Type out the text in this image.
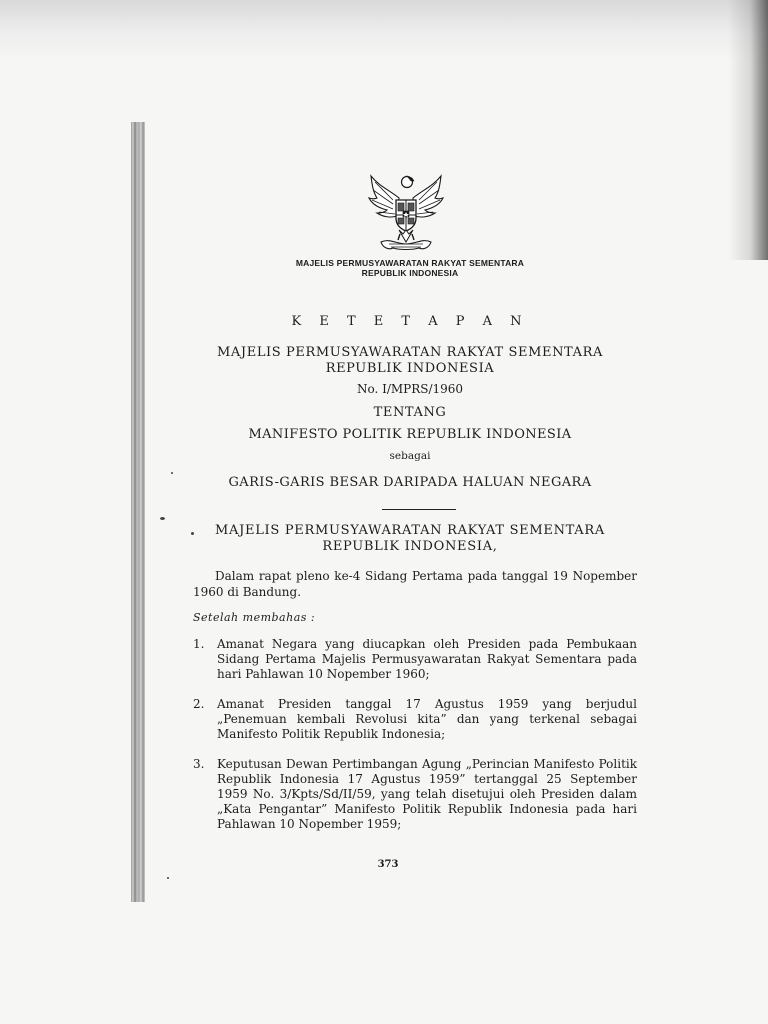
MAJELIS PERMUSYAWARATAN RAKYAT SEMENTARA
REPUBLIK INDONESIA
K E T E T A P A N
MAJELIS PERMUSYAWARATAN RAKYAT SEMENTARA
REPUBLIK INDONESIA
No. I/MPRS/1960
TENTANG
MANIFESTO POLITIK REPUBLIK INDONESIA
sebagai
GARIS-GARIS BESAR DARIPADA HALUAN NEGARA
MAJELIS PERMUSYAWARATAN RAKYAT SEMENTARA
REPUBLIK INDONESIA,
Dalam rapat pleno ke-4 Sidang Pertama pada tanggal 19 Nopember 1960 di Bandung.
Setelah membahas :
1.	Amanat Negara yang diucapkan oleh Presiden pada Pembukaan Sidang Pertama Majelis Permusyawaratan Rakyat Sementara pada hari Pahlawan 10 Nopember 1960;
2.	Amanat Presiden tanggal 17 Agustus 1959 yang berjudul „Penemuan kembali Revolusi kita” dan yang terkenal sebagai Manifesto Politik Republik Indonesia;
3.	Keputusan Dewan Pertimbangan Agung „Perincian Manifesto Politik Republik Indonesia 17 Agustus 1959” tertanggal 25 September 1959 No. 3/Kpts/Sd/II/59, yang telah disetujui oleh Presiden dalam „Kata Pengantar” Manifesto Politik Republik Indonesia pada hari Pahlawan 10 Nopember 1959;
373
